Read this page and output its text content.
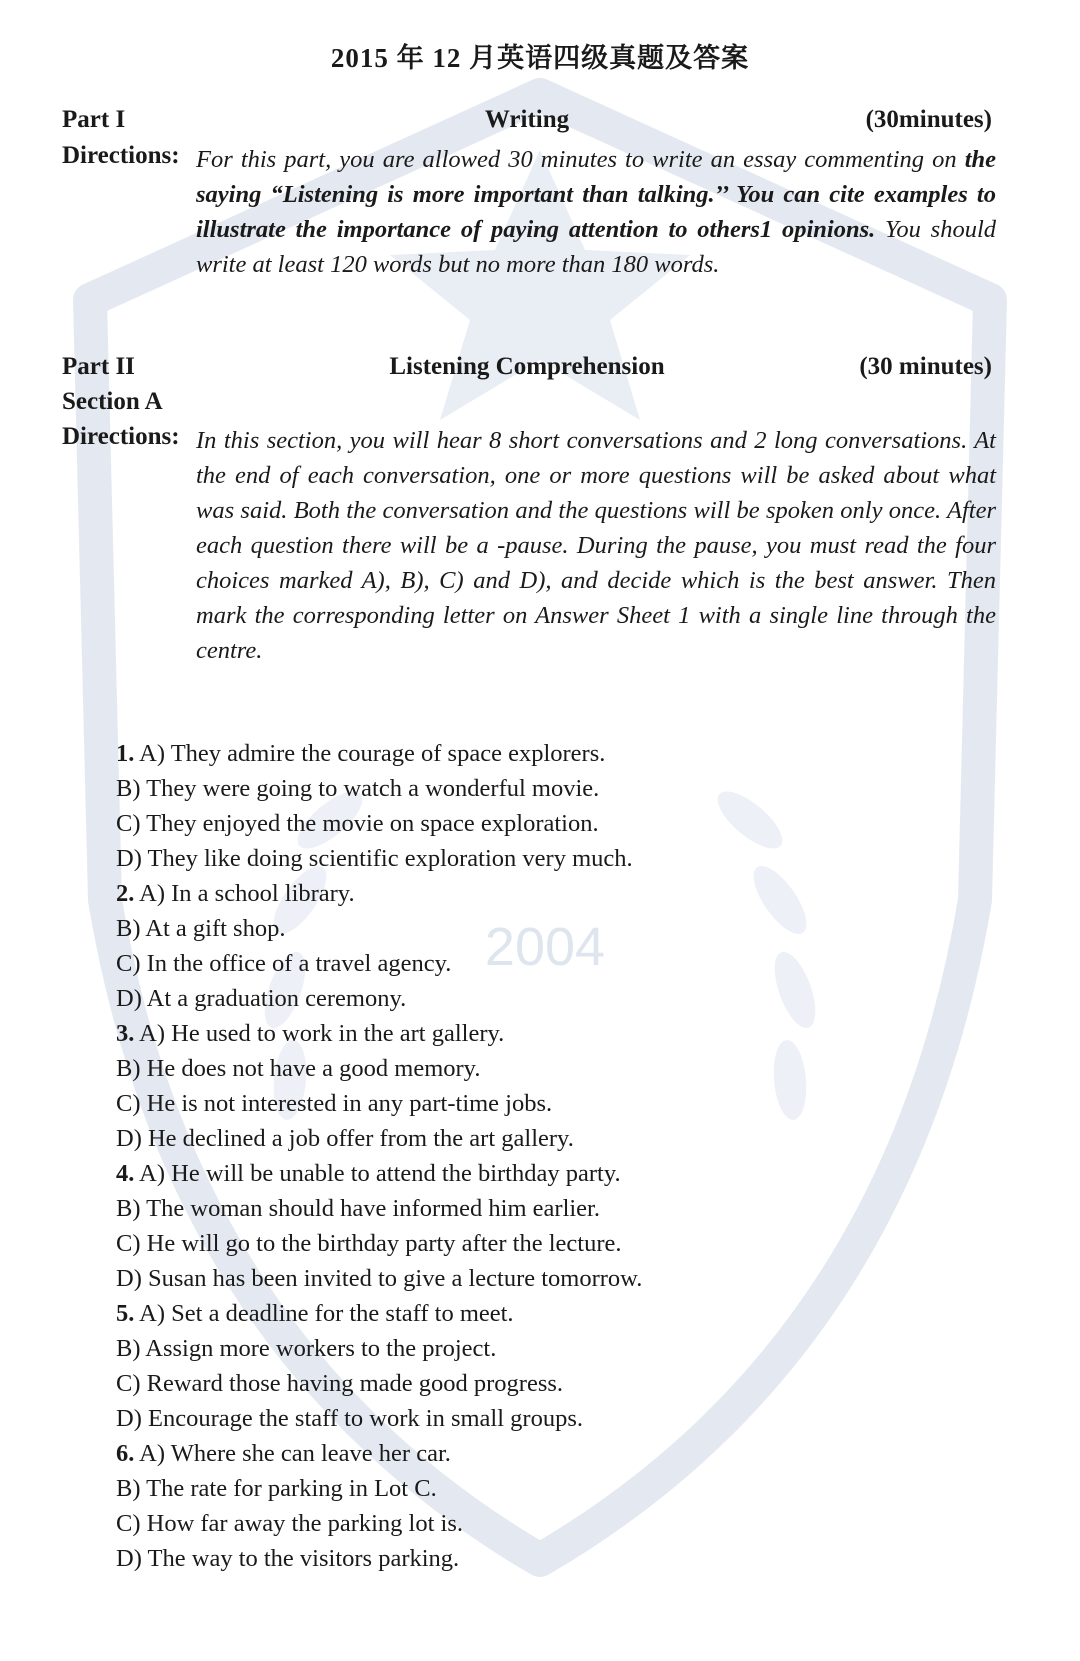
2004
2015 年 12 月英语四级真题及答案
Part I	Writing	(30minutes)
Directions: For this part, you are allowed 30 minutes to write an essay commenting on the saying “Listening is more important than talking.’’ You can cite examples to illustrate the importance of paying attention to others1 opinions. You should write at least 120 words but no more than 180 words.
Part II	Listening Comprehension	(30 minutes)
Section A
Directions: In this section, you will hear 8 short conversations and 2 long conversations. At the end of each conversation, one or more questions will be asked about what was said. Both the conversation and the questions will be spoken only once. After each question there will be a -pause. During the pause, you must read the four choices marked A), B), C) and D), and decide which is the best answer. Then mark the corresponding letter on Answer Sheet 1 with a single line through the centre.
1. A) They admire the courage of space explorers.
B) They were going to watch a wonderful movie.
C) They enjoyed the movie on space exploration.
D) They like doing scientific exploration very much.
2. A) In a school library.
B) At a gift shop.
C) In the office of a travel agency.
D) At a graduation ceremony.
3. A) He used to work in the art gallery.
B) He does not have a good memory.
C) He is not interested in any part-time jobs.
D) He declined a job offer from the art gallery.
4. A) He will be unable to attend the birthday party.
B) The woman should have informed him earlier.
C) He will go to the birthday party after the lecture.
D) Susan has been invited to give a lecture tomorrow.
5. A) Set a deadline for the staff to meet.
B) Assign more workers to the project.
C) Reward those having made good progress.
D) Encourage the staff to work in small groups.
6. A) Where she can leave her car.
B) The rate for parking in Lot C.
C) How far away the parking lot is.
D) The way to the visitors parking.
